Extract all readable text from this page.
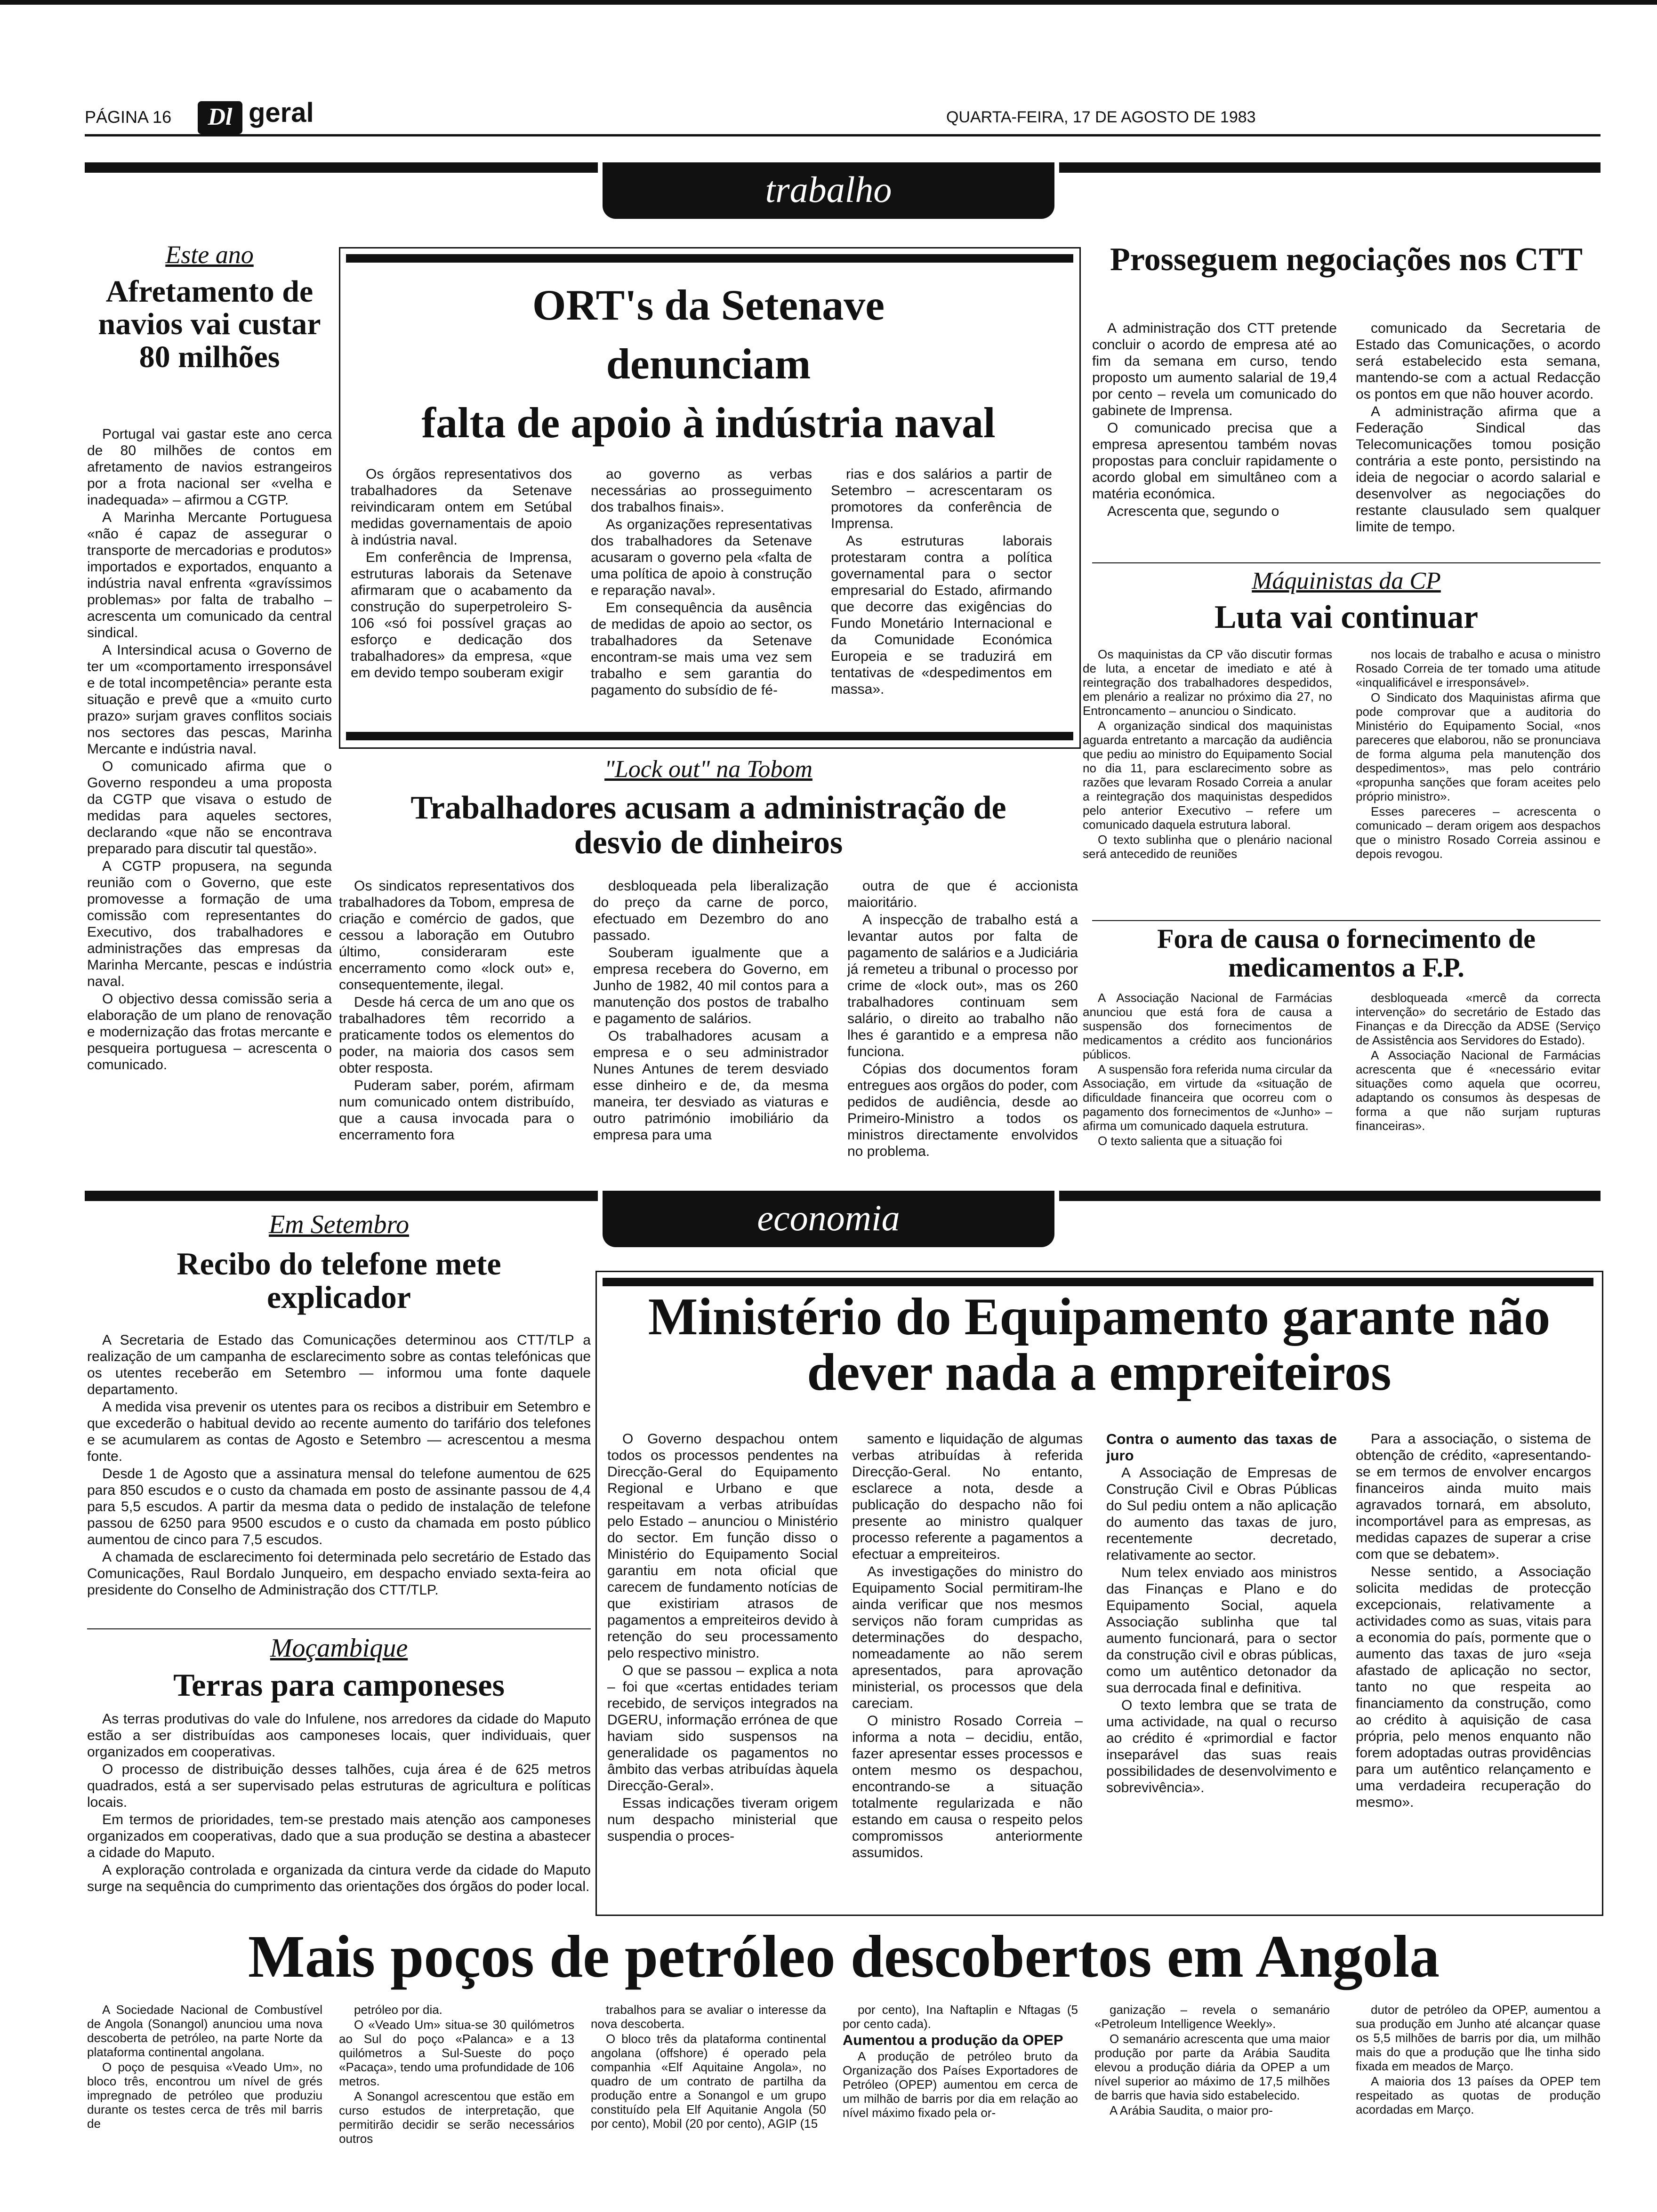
PÁGINA 16	Dl geral	QUARTA-FEIRA, 17 DE AGOSTO DE 1983
trabalho
Este ano
Afretamento de navios vai custar 80 milhões

Portugal vai gastar este ano cerca de 80 milhões de contos em afretamento de navios estrangeiros por a frota nacional ser «velha e inadequada» – afirmou a CGTP.

A Marinha Mercante Portuguesa «não é capaz de assegurar o transporte de mercadorias e produtos» importados e exportados, enquanto a indústria naval enfrenta «gravíssimos problemas» por falta de trabalho – acrescenta um comunicado da central sindical.

A Intersindical acusa o Governo de ter um «comportamento irresponsável e de total incompetência» perante esta situação e prevê que a «muito curto prazo» surjam graves conflitos sociais nos sectores das pescas, Marinha Mercante e indústria naval.

O comunicado afirma que o Governo respondeu a uma proposta da CGTP que visava o estudo de medidas para aqueles sectores, declarando «que não se encontrava preparado para discutir tal questão».

A CGTP propusera, na segunda reunião com o Governo, que este promovesse a formação de uma comissão com representantes do Executivo, dos trabalhadores e administrações das empresas da Marinha Mercante, pescas e indústria naval.

O objectivo dessa comissão seria a elaboração de um plano de renovação e modernização das frotas mercante e pesqueira portuguesa – acrescenta o comunicado.

ORT's da Setenave
denunciam
falta de apoio à indústria naval

Os órgãos representativos dos trabalhadores da Setenave reivindicaram ontem em Setúbal medidas governamentais de apoio à indústria naval.

Em conferência de Imprensa, estruturas laborais da Setenave afirmaram que o acabamento da construção do superpetroleiro S-106 «só foi possível graças ao esforço e dedicação dos trabalhadores» da empresa, «que em devido tempo souberam exigir

ao governo as verbas necessárias ao prosseguimento dos trabalhos finais».

As organizações representativas dos trabalhadores da Setenave acusaram o governo pela «falta de uma política de apoio à construção e reparação naval».

Em consequência da ausência de medidas de apoio ao sector, os trabalhadores da Setenave encontram-se mais uma vez sem trabalho e sem garantia do pagamento do subsídio de fé-

rias e dos salários a partir de Setembro – acrescentaram os promotores da conferência de Imprensa.

As estruturas laborais protestaram contra a política governamental para o sector empresarial do Estado, afirmando que decorre das exigências do Fundo Monetário Internacional e da Comunidade Económica Europeia e se traduzirá em tentativas de «despedimentos em massa».

Prosseguem negociações nos CTT

A administração dos CTT pretende concluir o acordo de empresa até ao fim da semana em curso, tendo proposto um aumento salarial de 19,4 por cento – revela um comunicado do gabinete de Imprensa.

O comunicado precisa que a empresa apresentou também novas propostas para concluir rapidamente o acordo global em simultâneo com a matéria económica.

Acrescenta que, segundo o

comunicado da Secretaria de Estado das Comunicações, o acordo será estabelecido esta semana, mantendo-se com a actual Redacção os pontos em que não houver acordo.

A administração afirma que a Federação Sindical das Telecomunicações tomou posição contrária a este ponto, persistindo na ideia de negociar o acordo salarial e desenvolver as negociações do restante clausulado sem qualquer limite de tempo.

Máquinistas da CP
Luta vai continuar

Os maquinistas da CP vão discutir formas de luta, a encetar de imediato e até à reintegração dos trabalhadores despedidos, em plenário a realizar no próximo dia 27, no Entroncamento – anunciou o Sindicato.

A organização sindical dos maquinistas aguarda entretanto a marcação da audiência que pediu ao ministro do Equipamento Social no dia 11, para esclarecimento sobre as razões que levaram Rosado Correia a anular a reintegração dos maquinistas despedidos pelo anterior Executivo – refere um comunicado daquela estrutura laboral.

O texto sublinha que o plenário nacional será antecedido de reuniões

nos locais de trabalho e acusa o ministro Rosado Correia de ter tomado uma atitude «inqualificável e irresponsável».

O Sindicato dos Maquinistas afirma que pode comprovar que a auditoria do Ministério do Equipamento Social, «nos pareceres que elaborou, não se pronunciava de forma alguma pela manutenção dos despedimentos», mas pelo contrário «propunha sanções que foram aceites pelo próprio ministro».

Esses pareceres – acrescenta o comunicado – deram origem aos despachos que o ministro Rosado Correia assinou e depois revogou.

"Lock out" na Tobom
Trabalhadores acusam a administração de desvio de dinheiros

Os sindicatos representativos dos trabalhadores da Tobom, empresa de criação e comércio de gados, que cessou a laboração em Outubro último, consideraram este encerramento como «lock out» e, consequentemente, ilegal.

Desde há cerca de um ano que os trabalhadores têm recorrido a praticamente todos os elementos do poder, na maioria dos casos sem obter resposta.

Puderam saber, porém, afirmam num comunicado ontem distribuído, que a causa invocada para o encerramento fora

desbloqueada pela liberalização do preço da carne de porco, efectuado em Dezembro do ano passado.

Souberam igualmente que a empresa recebera do Governo, em Junho de 1982, 40 mil contos para a manutenção dos postos de trabalho e pagamento de salários.

Os trabalhadores acusam a empresa e o seu administrador Nunes Antunes de terem desviado esse dinheiro e de, da mesma maneira, ter desviado as viaturas e outro património imobiliário da empresa para uma

outra de que é accionista maioritário.

A inspecção de trabalho está a levantar autos por falta de pagamento de salários e a Judiciária já remeteu a tribunal o processo por crime de «lock out», mas os 260 trabalhadores continuam sem salário, o direito ao trabalho não lhes é garantido e a empresa não funciona.

Cópias dos documentos foram entregues aos orgãos do poder, com pedidos de audiência, desde ao Primeiro-Ministro a todos os ministros directamente envolvidos no problema.

Fora de causa o fornecimento de medicamentos a F.P.

A Associação Nacional de Farmácias anunciou que está fora de causa a suspensão dos fornecimentos de medicamentos a crédito aos funcionários públicos.

A suspensão fora referida numa circular da Associação, em virtude da «situação de dificuldade financeira que ocorreu com o pagamento dos fornecimentos de «Junho» – afirma um comunicado daquela estrutura.

O texto salienta que a situação foi

desbloqueada «mercê da correcta intervenção» do secretário de Estado das Finanças e da Direcção da ADSE (Serviço de Assistência aos Servidores do Estado).

A Associação Nacional de Farmácias acrescenta que é «necessário evitar situações como aquela que ocorreu, adaptando os consumos às despesas de forma a que não surjam rupturas financeiras».

economia
Em Setembro
Recibo do telefone mete explicador

A Secretaria de Estado das Comunicações determinou aos CTT/TLP a realização de um campanha de esclarecimento sobre as contas telefónicas que os utentes receberão em Setembro — informou uma fonte daquele departamento.

A medida visa prevenir os utentes para os recibos a distribuir em Setembro e que excederão o habitual devido ao recente aumento do tarifário dos telefones e se acumularem as contas de Agosto e Setembro — acrescentou a mesma fonte.

Desde 1 de Agosto que a assinatura mensal do telefone aumentou de 625 para 850 escudos e o custo da chamada em posto de assinante passou de 4,4 para 5,5 escudos. A partir da mesma data o pedido de instalação de telefone passou de 6250 para 9500 escudos e o custo da chamada em posto público aumentou de cinco para 7,5 escudos.

A chamada de esclarecimento foi determinada pelo secretário de Estado das Comunicações, Raul Bordalo Junqueiro, em despacho enviado sexta-feira ao presidente do Conselho de Administração dos CTT/TLP.

Moçambique
Terras para camponeses

As terras produtivas do vale do Infulene, nos arredores da cidade do Maputo estão a ser distribuídas aos camponeses locais, quer individuais, quer organizados em cooperativas.

O processo de distribuição desses talhões, cuja área é de 625 metros quadrados, está a ser supervisado pelas estruturas de agricultura e políticas locais.

Em termos de prioridades, tem-se prestado mais atenção aos camponeses organizados em cooperativas, dado que a sua produção se destina a abastecer a cidade do Maputo.

A exploração controlada e organizada da cintura verde da cidade do Maputo surge na sequência do cumprimento das orientações dos órgãos do poder local.

Ministério do Equipamento garante não dever nada a empreiteiros

O Governo despachou ontem todos os processos pendentes na Direcção-Geral do Equipamento Regional e Urbano e que respeitavam a verbas atribuídas pelo Estado – anunciou o Ministério do sector. Em função disso o Ministério do Equipamento Social garantiu em nota oficial que carecem de fundamento notícias de que existiriam atrasos de pagamentos a empreiteiros devido à retenção do seu processamento pelo respectivo ministro.

O que se passou – explica a nota – foi que «certas entidades teriam recebido, de serviços integrados na DGERU, informação errónea de que haviam sido suspensos na generalidade os pagamentos no âmbito das verbas atribuídas àquela Direcção-Geral».

Essas indicações tiveram origem num despacho ministerial que suspendia o proces-

samento e liquidação de algumas verbas atribuídas à referida Direcção-Geral. No entanto, esclarece a nota, desde a publicação do despacho não foi presente ao ministro qualquer processo referente a pagamentos a efectuar a empreiteiros.

As investigações do ministro do Equipamento Social permitiram-lhe ainda verificar que nos mesmos serviços não foram cumpridas as determinações do despacho, nomeadamente ao não serem apresentados, para aprovação ministerial, os processos que dela careciam.

O ministro Rosado Correia – informa a nota – decidiu, então, fazer apresentar esses processos e ontem mesmo os despachou, encontrando-se a situação totalmente regularizada e não estando em causa o respeito pelos compromissos anteriormente assumidos.

Contra o aumento das taxas de juro

A Associação de Empresas de Construção Civil e Obras Públicas do Sul pediu ontem a não aplicação do aumento das taxas de juro, recentemente decretado, relativamente ao sector.

Num telex enviado aos ministros das Finanças e Plano e do Equipamento Social, aquela Associação sublinha que tal aumento funcionará, para o sector da construção civil e obras públicas, como um autêntico detonador da sua derrocada final e definitiva.

O texto lembra que se trata de uma actividade, na qual o recurso ao crédito é «primordial e factor inseparável das suas reais possibilidades de desenvolvimento e sobrevivência».

Para a associação, o sistema de obtenção de crédito, «apresentando-se em termos de envolver encargos financeiros ainda muito mais agravados tornará, em absoluto, incomportável para as empresas, as medidas capazes de superar a crise com que se debatem».

Nesse sentido, a Associação solicita medidas de protecção excepcionais, relativamente a actividades como as suas, vitais para a economia do país, pormente que o aumento das taxas de juro «seja afastado de aplicação no sector, tanto no que respeita ao financiamento da construção, como ao crédito à aquisição de casa própria, pelo menos enquanto não forem adoptadas outras providências para um autêntico relançamento e uma verdadeira recuperação do mesmo».

Mais poços de petróleo descobertos em Angola

A Sociedade Nacional de Combustível de Angola (Sonangol) anunciou uma nova descoberta de petróleo, na parte Norte da plataforma continental angolana.

O poço de pesquisa «Veado Um», no bloco três, encontrou um nível de grés impregnado de petróleo que produziu durante os testes cerca de três mil barris de

petróleo por dia.

O «Veado Um» situa-se 30 quilómetros ao Sul do poço «Palanca» e a 13 quilómetros a Sul-Sueste do poço «Pacaça», tendo uma profundidade de 106 metros.

A Sonangol acrescentou que estão em curso estudos de interpretação, que permitirão decidir se serão necessários outros

trabalhos para se avaliar o interesse da nova descoberta.

O bloco três da plataforma continental angolana (offshore) é operado pela companhia «Elf Aquitaine Angola», no quadro de um contrato de partilha da produção entre a Sonangol e um grupo constituído pela Elf Aquitanie Angola (50 por cento), Mobil (20 por cento), AGIP (15

por cento), Ina Naftaplin e Nftagas (5 por cento cada).

Aumentou a produção da OPEP

A produção de petróleo bruto da Organização dos Países Exportadores de Petróleo (OPEP) aumentou em cerca de um milhão de barris por dia em relação ao nível máximo fixado pela or-

ganização – revela o semanário «Petroleum Intelligence Weekly».

O semanário acrescenta que uma maior produção por parte da Arábia Saudita elevou a produção diária da OPEP a um nível superior ao máximo de 17,5 milhões de barris que havia sido estabelecido.

A Arábia Saudita, o maior pro-

dutor de petróleo da OPEP, aumentou a sua produção em Junho até alcançar quase os 5,5 milhões de barris por dia, um milhão mais do que a produção que lhe tinha sido fixada em meados de Março.

A maioria dos 13 países da OPEP tem respeitado as quotas de produção acordadas em Março.
